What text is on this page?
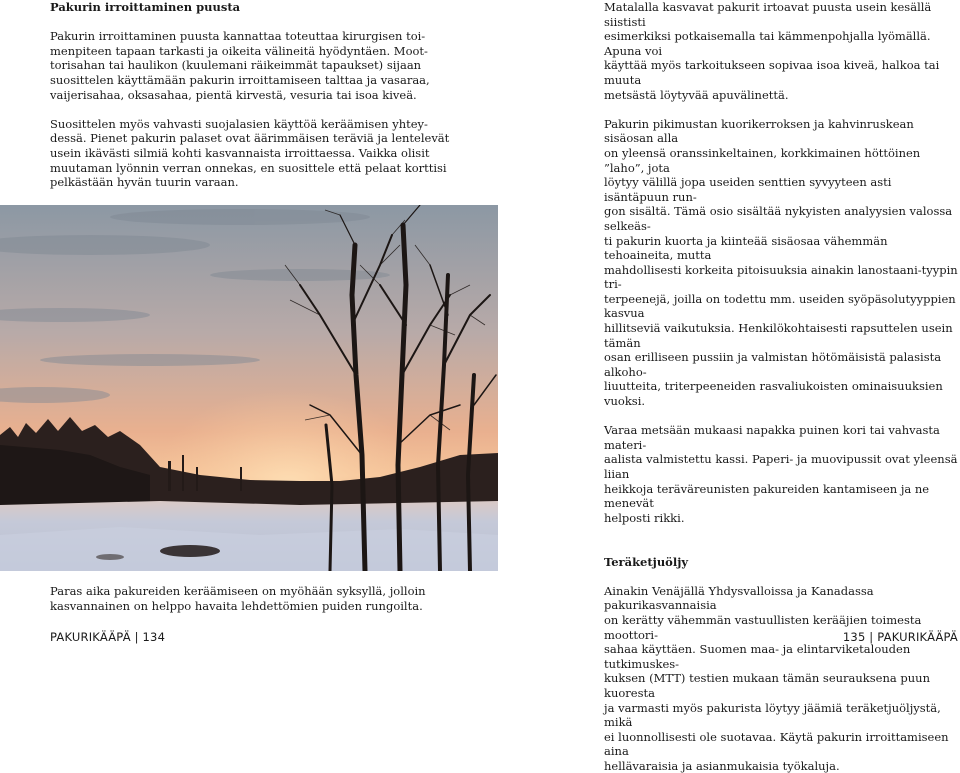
Pakurin irroittaminen puusta

Pakurin irroittaminen puusta kannattaa toteuttaa kirurgisen toi-

menpiteen tapaan tarkasti ja oikeita välineitä hyödyntäen. Moot-

torisahan tai haulikon (kuulemani räikeimmät tapaukset) sijaan

suosittelen käyttämään pakurin irroittamiseen talttaa ja vasaraa,

vaijerisahaa, oksasahaa, pientä kirvestä, vesuria tai isoa kiveä.

Suosittelen myös vahvasti suojalasien käyttöä keräämisen yhtey-

dessä. Pienet pakurin palaset ovat äärimmäisen teräviä ja lentelevät

usein ikävästi silmiä kohti kasvannaista irroittaessa. Vaikka olisit

muutaman lyönnin verran onnekas, en suosittele että pelaat korttisi

pelkästään hyvän tuurin varaan.

Paras aika pakureiden keräämiseen on myöhään syksyllä, jolloin

kasvannainen on helppo havaita lehdettömien puiden rungoilta.

Matalalla kasvavat pakurit irtoavat puusta usein kesällä siististi

esimerkiksi potkaisemalla tai kämmenpohjalla lyömällä. Apuna voi

käyttää myös tarkoitukseen sopivaa isoa kiveä, halkoa tai muuta

metsästä löytyvää apuvälinettä.

Pakurin pikimustan kuorikerroksen ja kahvinruskean sisäosan alla

on yleensä oranssinkeltainen, korkkimainen höttöinen ”laho”, jota

löytyy välillä jopa useiden senttien syvyyteen asti isäntäpuun run-

gon sisältä. Tämä osio sisältää nykyisten analyysien valossa selkeäs-

ti pakurin kuorta ja kiinteää sisäosaa vähemmän tehoaineita, mutta

mahdollisesti korkeita pitoisuuksia ainakin lanostaani-tyypin tri-

terpeenejä, joilla on todettu mm. useiden syöpäsolutyyppien kasvua

hillitseviä vaikutuksia. Henkilökohtaisesti rapsuttelen usein tämän

osan erilliseen pussiin ja valmistan hötömäisistä palasista alkoho-

liuutteita, triterpeeneiden rasvaliukoisten ominaisuuksien vuoksi.

Varaa metsään mukaasi napakka puinen kori tai vahvasta materi-

aalista valmistettu kassi. Paperi- ja muovipussit ovat yleensä liian

heikkoja teräväreunisten pakureiden kantamiseen ja ne menevät

helposti rikki.

Teräketjuöljy

Ainakin Venäjällä Yhdysvalloissa ja Kanadassa pakurikasvannaisia

on kerätty vähemmän vastuullisten kerääjien toimesta moottori-

sahaa käyttäen. Suomen maa- ja elintarviketalouden tutkimuskes-

kuksen (MTT) testien mukaan tämän seurauksena puun kuoresta

ja varmasti myös pakurista löytyy jäämiä teräketjuöljystä, mikä

ei luonnollisesti ole suotavaa. Käytä pakurin irroittamiseen aina

hellävaraisia ja asianmukaisia työkaluja.

PAKURIKÄÄPÄ | 134	135 | PAKURIKÄÄPÄ
